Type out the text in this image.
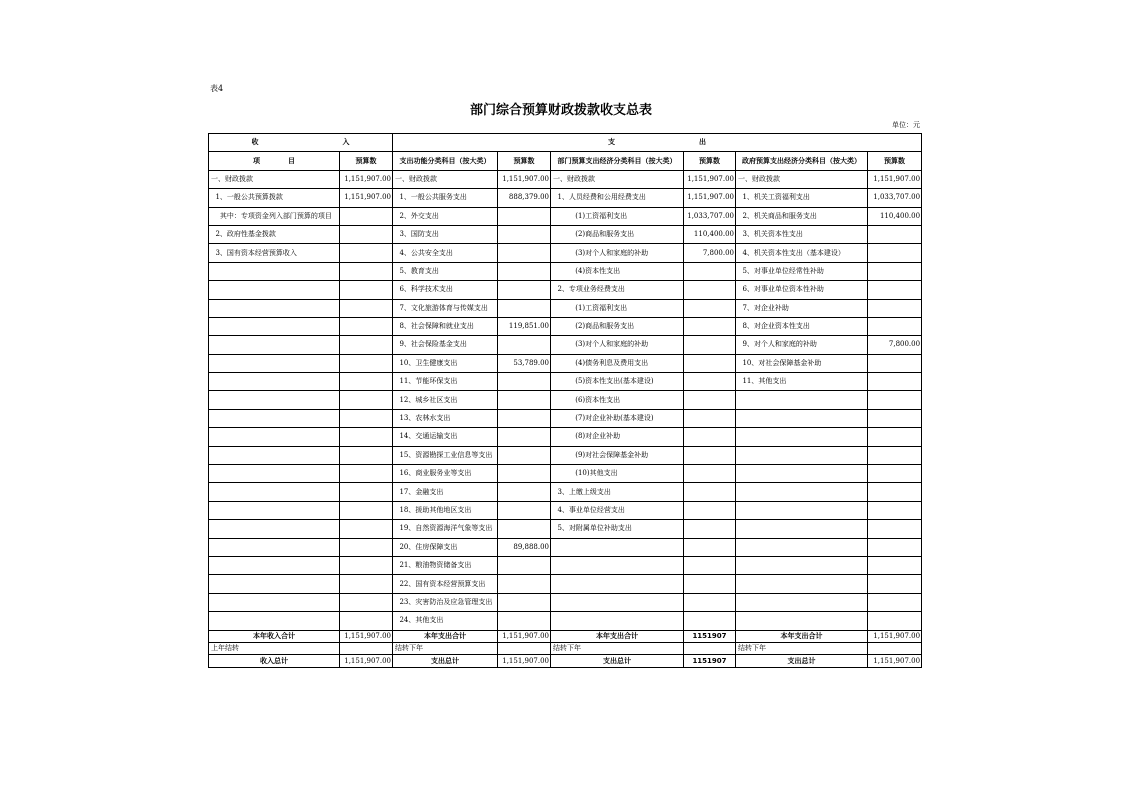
表4
部门综合预算财政拨款收支总表
单位：元
收　　　　　　　　　　　　入		支　　　　　　　　　　　　出					
项　　　　目	预算数	支出功能分类科目（按大类）	预算数	部门预算支出经济分类科目（按大类）	预算数	政府预算支出经济分类科目（按大类）	预算数
一、财政拨款	1,151,907.00	一、财政拨款	1,151,907.00	一、财政拨款	1,151,907.00	一、财政拨款	1,151,907.00
1、一般公共预算拨款	1,151,907.00	1、一般公共服务支出	888,379.00	1、人员经费和公用经费支出	1,151,907.00	1、机关工资福利支出	1,033,707.00
其中：专项资金列入部门预算的项目		2、外交支出		(1)工资福利支出	1,033,707.00	2、机关商品和服务支出	110,400.00
2、政府性基金拨款		3、国防支出		(2)商品和服务支出	110,400.00	3、机关资本性支出	
3、国有资本经营预算收入		4、公共安全支出		(3)对个人和家庭的补助	7,800.00	4、机关资本性支出（基本建设）	
		5、教育支出		(4)资本性支出		5、对事业单位经常性补助	
		6、科学技术支出		2、专项业务经费支出		6、对事业单位资本性补助	
		7、文化旅游体育与传媒支出		(1)工资福利支出		7、对企业补助	
		8、社会保障和就业支出	119,851.00	(2)商品和服务支出		8、对企业资本性支出	
		9、社会保险基金支出		(3)对个人和家庭的补助		9、对个人和家庭的补助	7,800.00
		10、卫生健康支出	53,789.00	(4)债务利息及费用支出		10、对社会保障基金补助	
		11、节能环保支出		(5)资本性支出(基本建设)		11、其他支出	
		12、城乡社区支出		(6)资本性支出			
		13、农林水支出		(7)对企业补助(基本建设)			
		14、交通运输支出		(8)对企业补助			
		15、资源勘探工业信息等支出		(9)对社会保障基金补助			
		16、商业服务业等支出		(10)其他支出			
		17、金融支出		3、上缴上级支出			
		18、援助其他地区支出		4、事业单位经营支出			
		19、自然资源海洋气象等支出		5、对附属单位补助支出			
		20、住房保障支出	89,888.00				
		21、粮油物资储备支出					
		22、国有资本经营预算支出					
		23、灾害防治及应急管理支出					
		24、其他支出					
本年收入合计	1,151,907.00	本年支出合计	1,151,907.00	本年支出合计	1151907	本年支出合计	1,151,907.00
上年结转		结转下年		结转下年		结转下年	
收入总计	1,151,907.00	支出总计	1,151,907.00	支出总计	1151907	支出总计	1,151,907.00
